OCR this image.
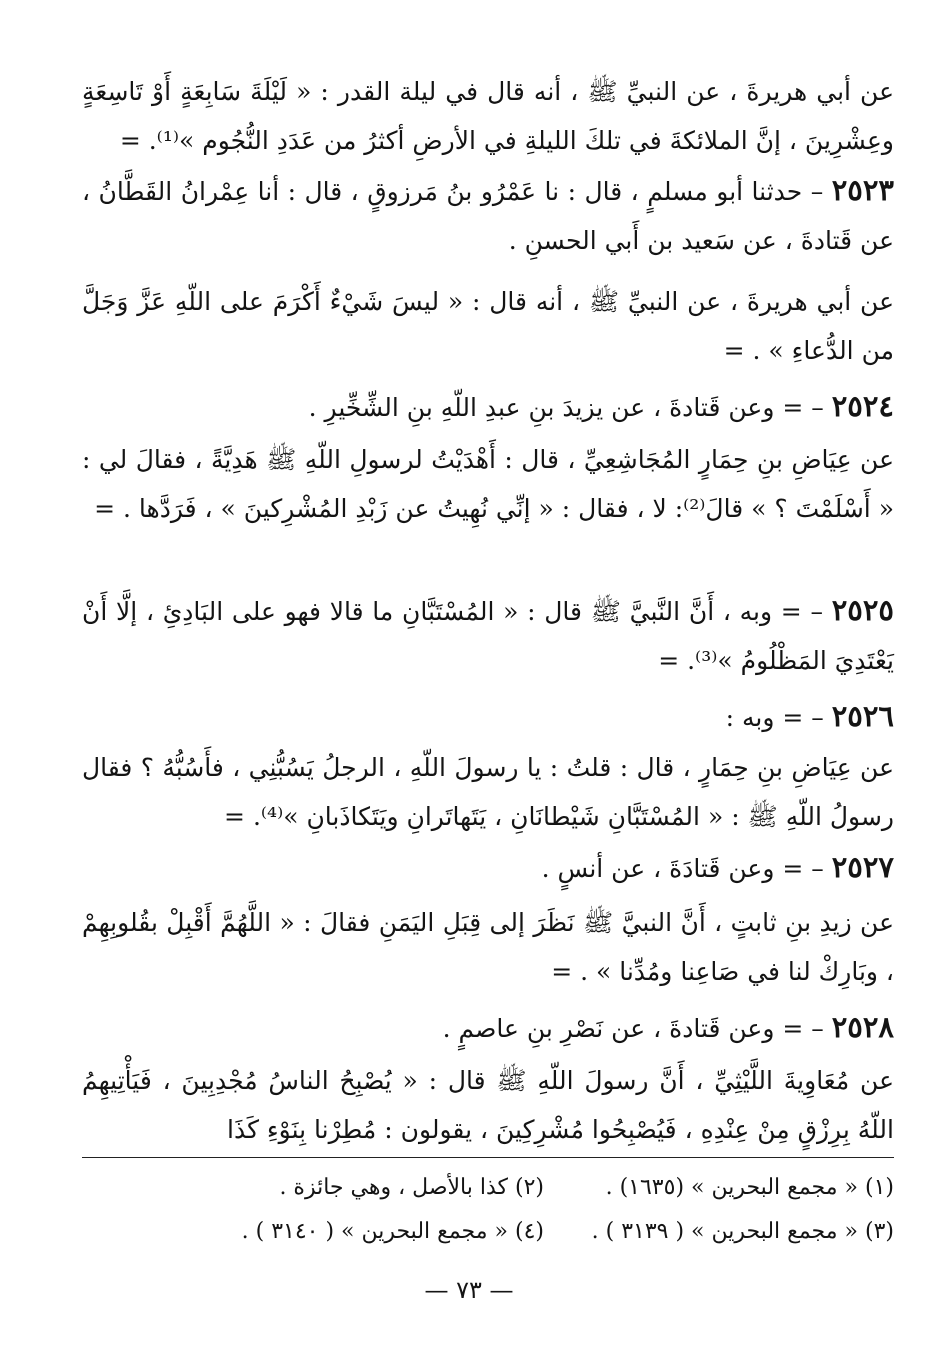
عن أبي هريرةَ ، عن النبيِّ ﷺ ، أنه قال في ليلة القدر : « لَيْلَةَ سَابِعَةٍ أَوْ تَاسِعَةٍ وعِشْرِينَ ، إنَّ الملائكةَ في تلكَ الليلةِ في الأرضِ أكثرُ من عَدَدِ النُّجُوم »⁽¹⁾. =

٢٥٢٣ – حدثنا أبو مسلمٍ ، قال : نا عَمْرُو بنُ مَرزوقٍ ، قال : أنا عِمْرانُ القَطَّانُ ، عن قَتادةَ ، عن سَعيد بن أَبي الحسنِ .

عن أبي هريرةَ ، عن النبيِّ ﷺ ، أنه قال : « ليسَ شَيْءٌ أَكْرَمَ على اللّهِ عَزَّ وَجَلَّ من الدُّعاءِ » . =

٢٥٢٤ – = وعن قَتادةَ ، عن يزيدَ بنِ عبدِ اللّهِ بنِ الشِّخِّيرِ .

عن عِيَاضِ بنِ حِمَارٍ المُجَاشِعِيِّ ، قال : أَهْدَيْتُ لرسولِ اللّهِ ﷺ هَدِيَّةً ، فقالَ لي : « أَسْلَمْتَ ؟ » قالَ⁽²⁾: لا ، فقال : « إنِّي نُهِيتُ عن زَبْدِ المُشْرِكينَ » ، فَرَدَّها . =

٢٥٢٥ – = وبه ، أَنَّ النَّبيَّ ﷺ قال : « المُسْتَبَّانِ ما قالا فهو على البَادِئِ ، إلَّا أَنْ يَعْتَدِيَ المَظْلُومُ »⁽³⁾. =

٢٥٢٦ – = وبه :

عن عِيَاضِ بنِ حِمَارٍ ، قال : قلتُ : يا رسولَ اللّهِ ، الرجلُ يَسُبُّنِي ، فأَسُبُّهُ ؟ فقال رسولُ اللّهِ ﷺ : « المُسْتَبَّانِ شَيْطانَانِ ، يَتَهاتَرانِ ويَتَكاذَبانِ »⁽⁴⁾. =

٢٥٢٧ – = وعن قَتادَةَ ، عن أنسٍ .

عن زيدِ بنِ ثابتٍ ، أَنَّ النبيَّ ﷺ نَظَرَ إلى قِبَلِ اليَمَنِ فقالَ : « اللَّهُمَّ أَقْبِلْ بقُلوبِهِمْ ، وبَارِكْ لنا في صَاعِنا ومُدِّنا » . =

٢٥٢٨ – = وعن قَتادةَ ، عن نَصْرِ بنِ عاصمٍ .

عن مُعَاوِيةَ اللَّيْثِيِّ ، أَنَّ رسولَ اللّهِ ﷺ قال : « يُصْبِحُ الناسُ مُجْدِبِينَ ، فَيَأْتِيهِمُ اللّهُ بِرِزْقٍ مِنْ عِنْدِهِ ، فَيُصْبِحُوا مُشْرِكِينَ ، يقولون : مُطِرْنا بِنَوْءِ كَذَا

(١) « مجمع البحرين » (١٦٣٥) .
(٢) كذا بالأصل ، وهي جائزة .
(٣) « مجمع البحرين » ( ٣١٣٩ ) .
(٤) « مجمع البحرين » ( ٣١٤٠ ) .
— ٧٣ —
